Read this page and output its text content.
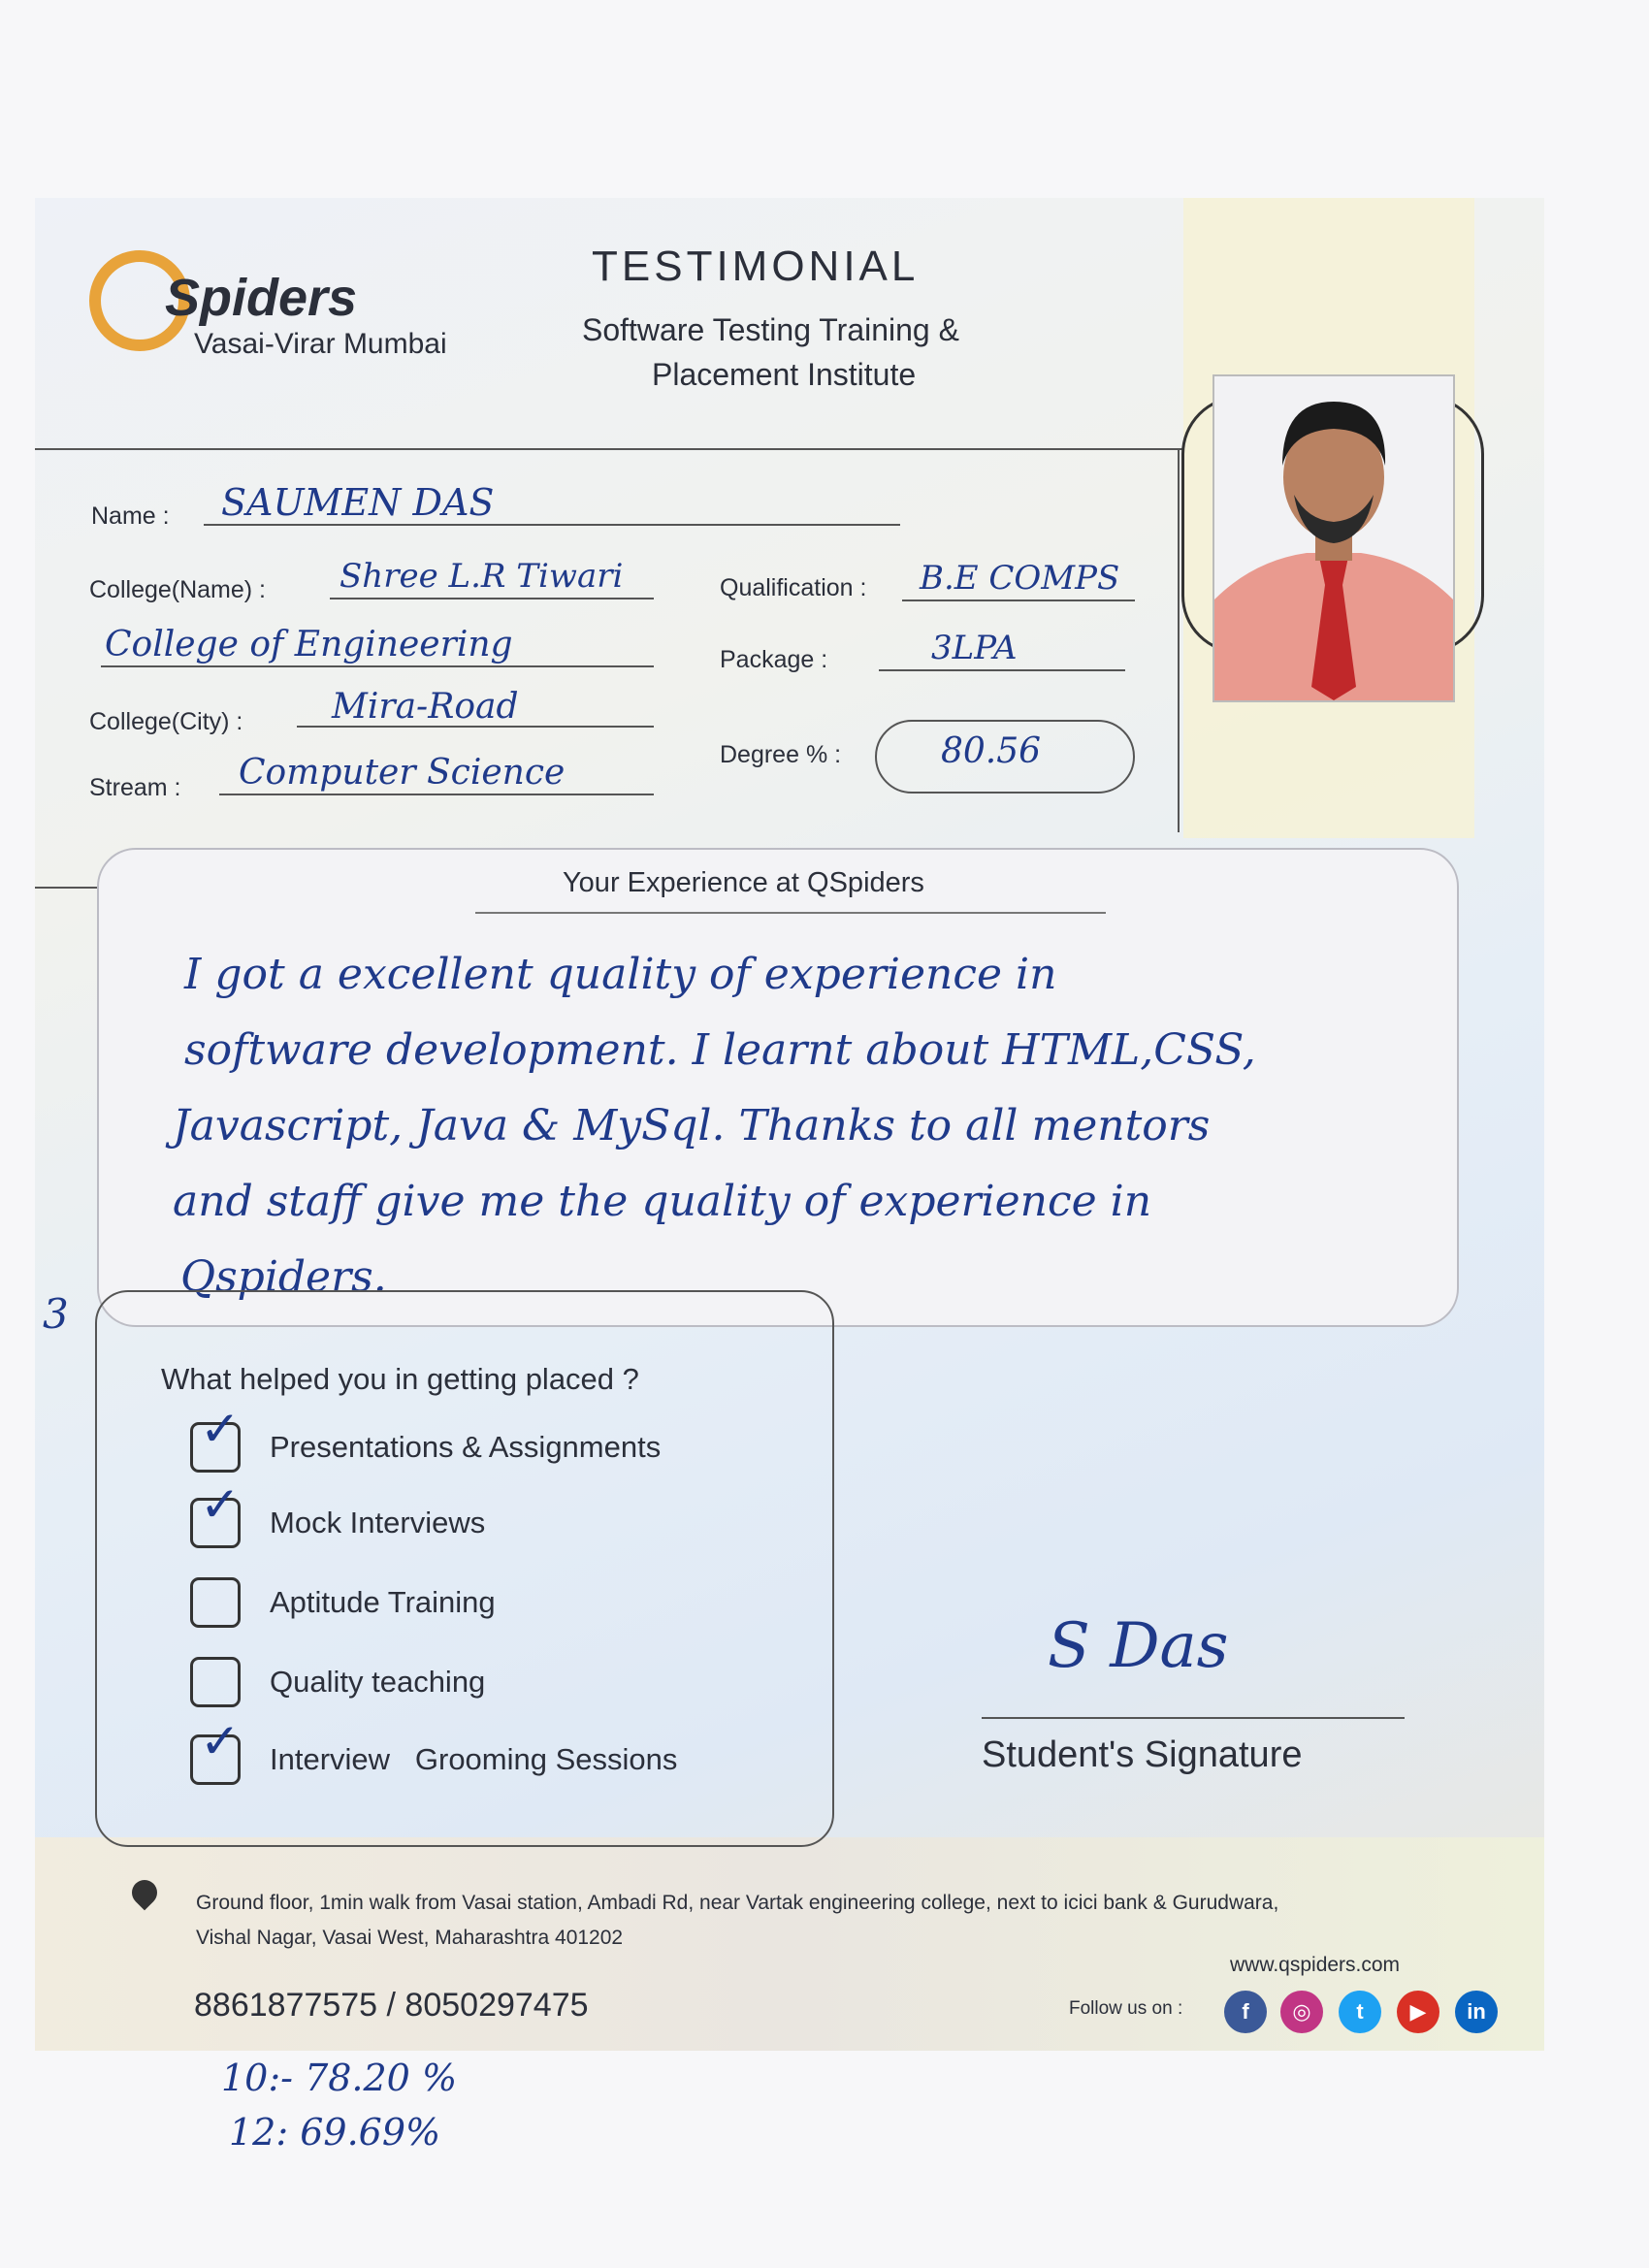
Spiders
Vasai-Virar Mumbai
TESTIMONIAL
Software Testing Training &
Placement Institute
Name : SAUMEN DAS
College(Name) : Shree L.R Tiwari
College of Engineering
College(City) :	Mira-Road
Stream : Computer Science
Qualification : B.E COMPS
Package :	3LPA
Degree % :	80.56
Your Experience at QSpiders
I got a excellent quality of experience in
software development. I learnt about HTML,CSS,
Javascript, Java & MySql. Thanks to all mentors
and staff give me the quality of experience in
Qspiders.
3
What helped you in getting placed ?
✓ Presentations & Assignments
✓ Mock Interviews
Aptitude Training
Quality teaching
✓ Interview   Grooming Sessions
S Das
Student's Signature
Ground floor, 1min walk from Vasai station, Ambadi Rd, near Vartak engineering college, next to icici bank & Gurudwara,
Vishal Nagar, Vasai West, Maharashtra 401202
8861877575 / 8050297475
www.qspiders.com
Follow us on :	f ◎ t ▶ in
10:- 78.20 %
12: 69.69%
